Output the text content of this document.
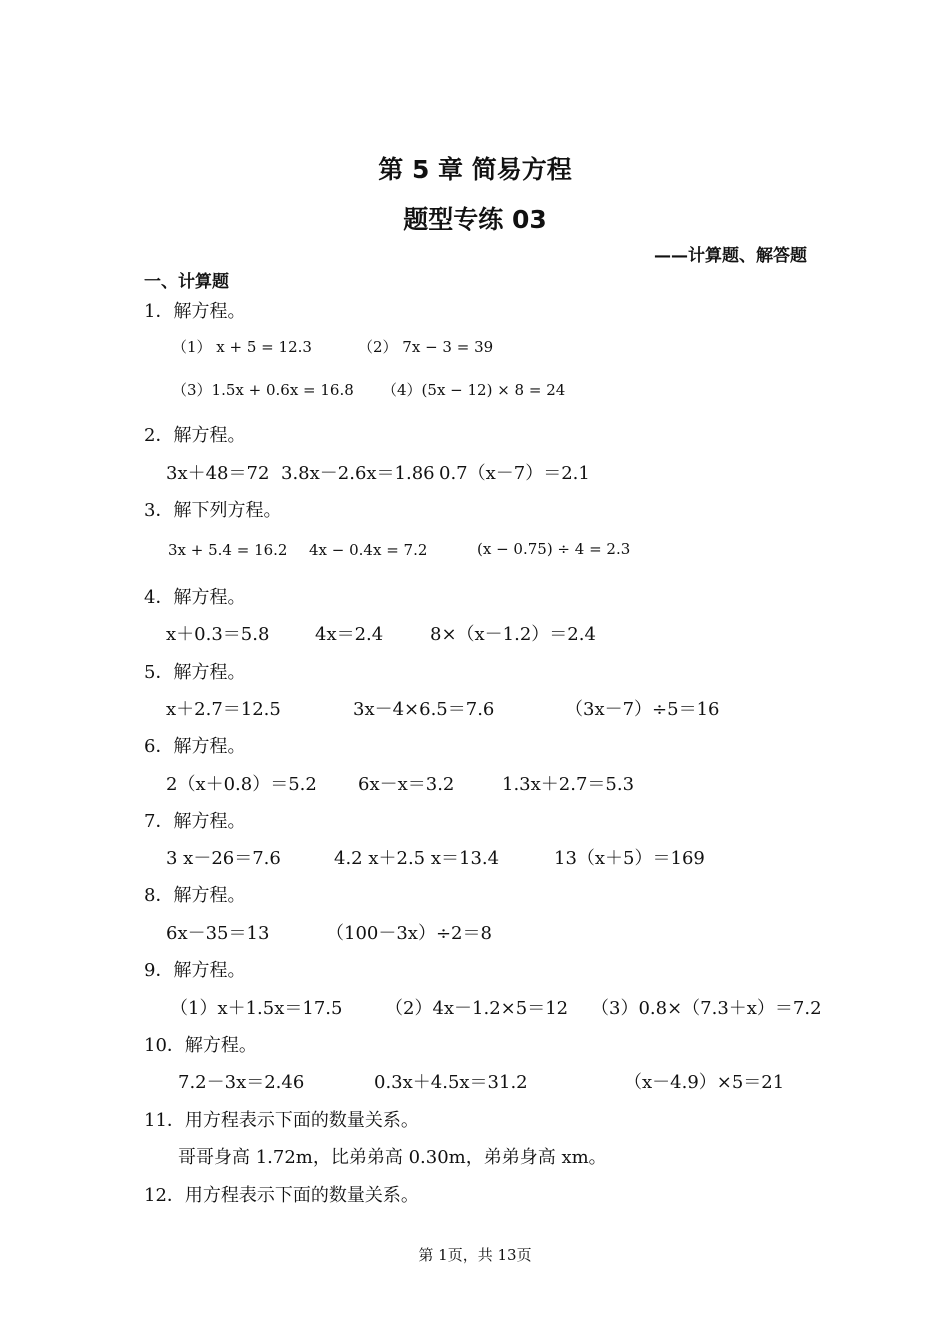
第 5 章 简易方程
题型专练 03
——计算题、解答题
一、计算题
1．解方程。
（1） x + 5 = 12.3	（2） 7x − 3 = 39
（3）1.5x + 0.6x = 16.8 （4）(5x − 12) × 8 = 24
2．解方程。
3x＋48＝72 3.8x－2.6x＝1.86 0.7（x－7）＝2.1
3．解下列方程。
3x + 5.4 = 16.2 4x − 0.4x = 7.2	(x − 0.75) ÷ 4 = 2.3
4．解方程。
x＋0.3＝5.8	4x＝2.4	8×（x－1.2）＝2.4
5．解方程。
x＋2.7＝12.5	3x－4×6.5＝7.6	（3x－7）÷5＝16
6．解方程。
2（x＋0.8）＝5.2 6x－x＝3.2	1.3x＋2.7＝5.3
7．解方程。
3 x－26＝7.6	4.2 x＋2.5 x＝13.4	13（x＋5）＝169
8．解方程。
6x－35＝13	（100－3x）÷2＝8
9．解方程。
（1）x＋1.5x＝17.5 （2）4x－1.2×5＝12 （3）0.8×（7.3＋x）＝7.2
10．解方程。
7.2－3x＝2.46	0.3x＋4.5x＝31.2	（x－4.9）×5＝21
11．用方程表示下面的数量关系。
哥哥身高 1.72m，比弟弟高 0.30m，弟弟身高 xm。
12．用方程表示下面的数量关系。
第 1页，共 13页
